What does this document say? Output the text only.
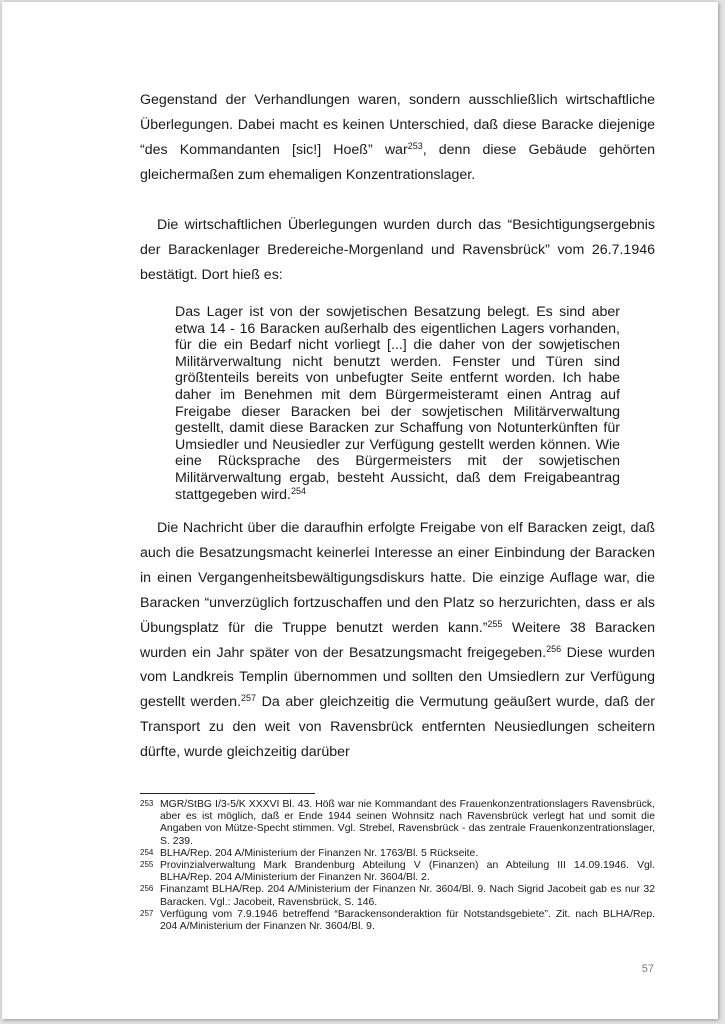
Gegenstand der Verhandlungen waren, sondern ausschließlich wirtschaftliche Überlegungen. Dabei macht es keinen Unterschied, daß diese Baracke diejenige “des Kommandanten [sic!] Hoeß” war$^{253}$, denn diese Gebäude gehörten gleichermaßen zum ehemaligen Konzentrationslager.

Die wirtschaftlichen Überlegungen wurden durch das “Besichtigungsergebnis der Barackenlager Bredereiche-Morgenland und Ravensbrück” vom 26.7.1946 bestätigt. Dort hieß es:

Das Lager ist von der sowjetischen Besatzung belegt. Es sind aber etwa 14 - 16 Baracken außerhalb des eigentlichen Lagers vorhanden, für die ein Bedarf nicht vorliegt [...] die daher von der sowjetischen Militärverwaltung nicht benutzt werden. Fenster und Türen sind größtenteils bereits von unbefugter Seite entfernt worden. Ich habe daher im Benehmen mit dem Bürgermeisteramt einen Antrag auf Freigabe dieser Baracken bei der sowjetischen Militärverwaltung gestellt, damit diese Baracken zur Schaffung von Notunterkünften für Umsiedler und Neusiedler zur Verfügung gestellt werden können. Wie eine Rücksprache des Bürgermeisters mit der sowjetischen Militärverwaltung ergab, besteht Aussicht, daß dem Freigabeantrag stattgegeben wird.$^{254}$

Die Nachricht über die daraufhin erfolgte Freigabe von elf Baracken zeigt, daß auch die Besatzungsmacht keinerlei Interesse an einer Einbindung der Baracken in einen Vergangenheitsbewältigungsdiskurs hatte. Die einzige Auflage war, die Baracken “unverzüglich fortzuschaffen und den Platz so herzurichten, dass er als Übungsplatz für die Truppe benutzt werden kann.”$^{255}$ Weitere 38 Baracken wurden ein Jahr später von der Besatzungsmacht freigegeben.$^{256}$ Diese wurden vom Landkreis Templin übernommen und sollten den Umsiedlern zur Verfügung gestellt werden.$^{257}$ Da aber gleichzeitig die Vermutung geäußert wurde, daß der Transport zu den weit von Ravensbrück entfernten Neusiedlungen scheitern dürfte, wurde gleichzeitig darüber

253 MGR/StBG I/3-5/K XXXVI Bl. 43. Höß war nie Kommandant des Frauenkonzentrationslagers Ravensbrück, aber es ist möglich, daß er Ende 1944 seinen Wohnsitz nach Ravensbrück verlegt hat und somit die Angaben von Mütze-Specht stimmen. Vgl. Strebel, Ravensbrück - das zentrale Frauenkonzentrationslager, S. 239.

254 BLHA/Rep. 204 A/Ministerium der Finanzen Nr. 1763/Bl. 5 Rückseite.

255 Provinzialverwaltung Mark Brandenburg Abteilung V (Finanzen) an Abteilung III 14.09.1946. Vgl. BLHA/Rep. 204 A/Ministerium der Finanzen Nr. 3604/Bl. 2.

256 Finanzamt BLHA/Rep. 204 A/Ministerium der Finanzen Nr. 3604/Bl. 9. Nach Sigrid Jacobeit gab es nur 32 Baracken. Vgl.: Jacobeit, Ravensbrück, S. 146.

257 Verfügung vom 7.9.1946 betreffend “Barackensonderaktion für Notstandsgebiete”. Zit. nach BLHA/Rep. 204 A/Ministerium der Finanzen Nr. 3604/Bl. 9.

57
